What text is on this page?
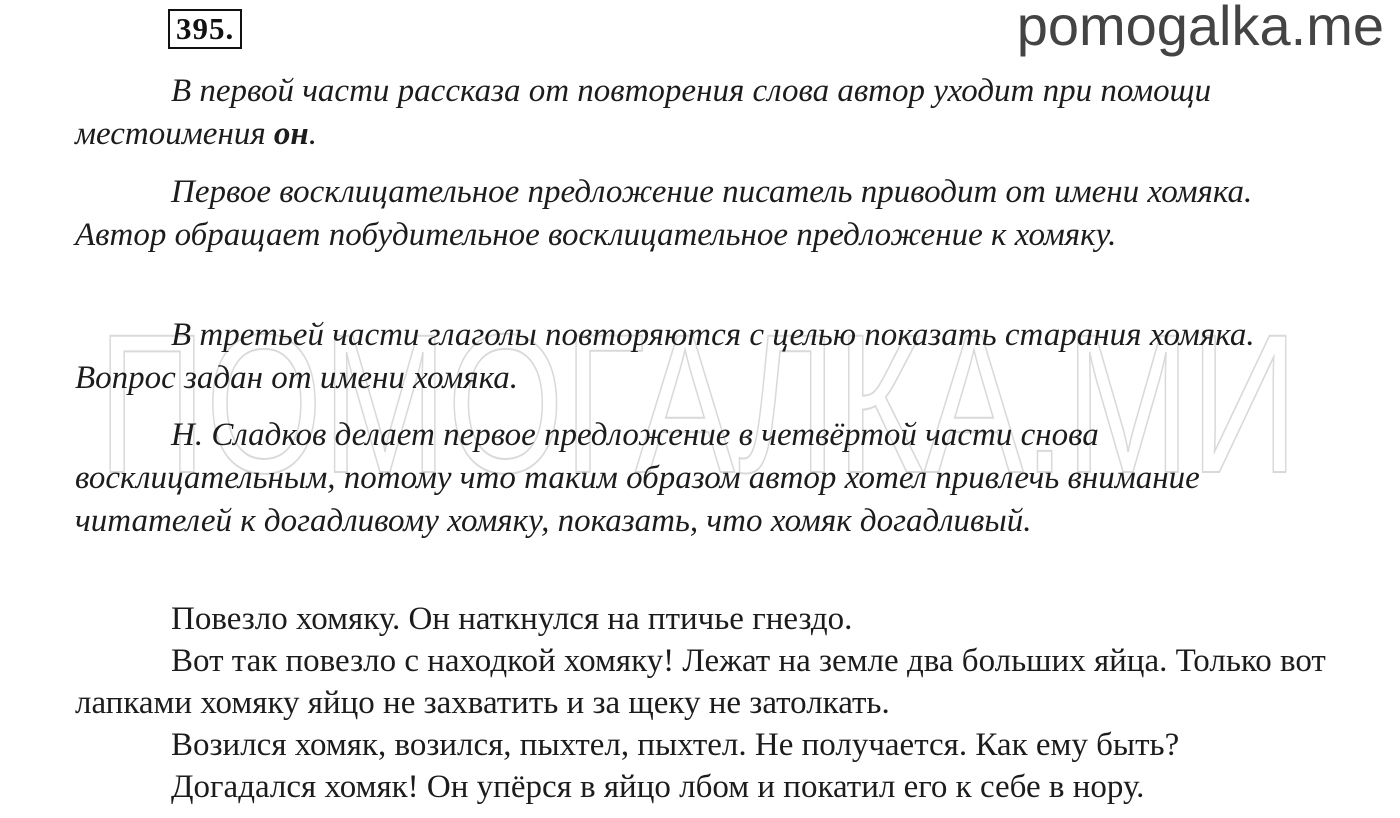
395.	pomogalka.me
ПОМОГАЛКА.МИ

В первой части рассказа от повторения слова автор уходит при помощи местоимения он.

Первое восклицательное предложение писатель приводит от имени хомяка. Автор обращает побудительное восклицательное предложение к хомяку.

В третьей части глаголы повторяются с целью показать старания хомяка. Вопрос задан от имени хомяка.

Н. Сладков делает первое предложение в четвёртой части снова восклицательным, потому что таким образом автор хотел привлечь внимание читателей к догадливому хомяку, показать, что хомяк догадливый.

Повезло хомяку. Он наткнулся на птичье гнездо.

Вот так повезло с находкой хомяку! Лежат на земле два больших яйца. Только вот лапками хомяку яйцо не захватить и за щеку не затолкать.

Возился хомяк, возился, пыхтел, пыхтел. Не получается. Как ему быть?

Догадался хомяк! Он упёрся в яйцо лбом и покатил его к себе в нору.
